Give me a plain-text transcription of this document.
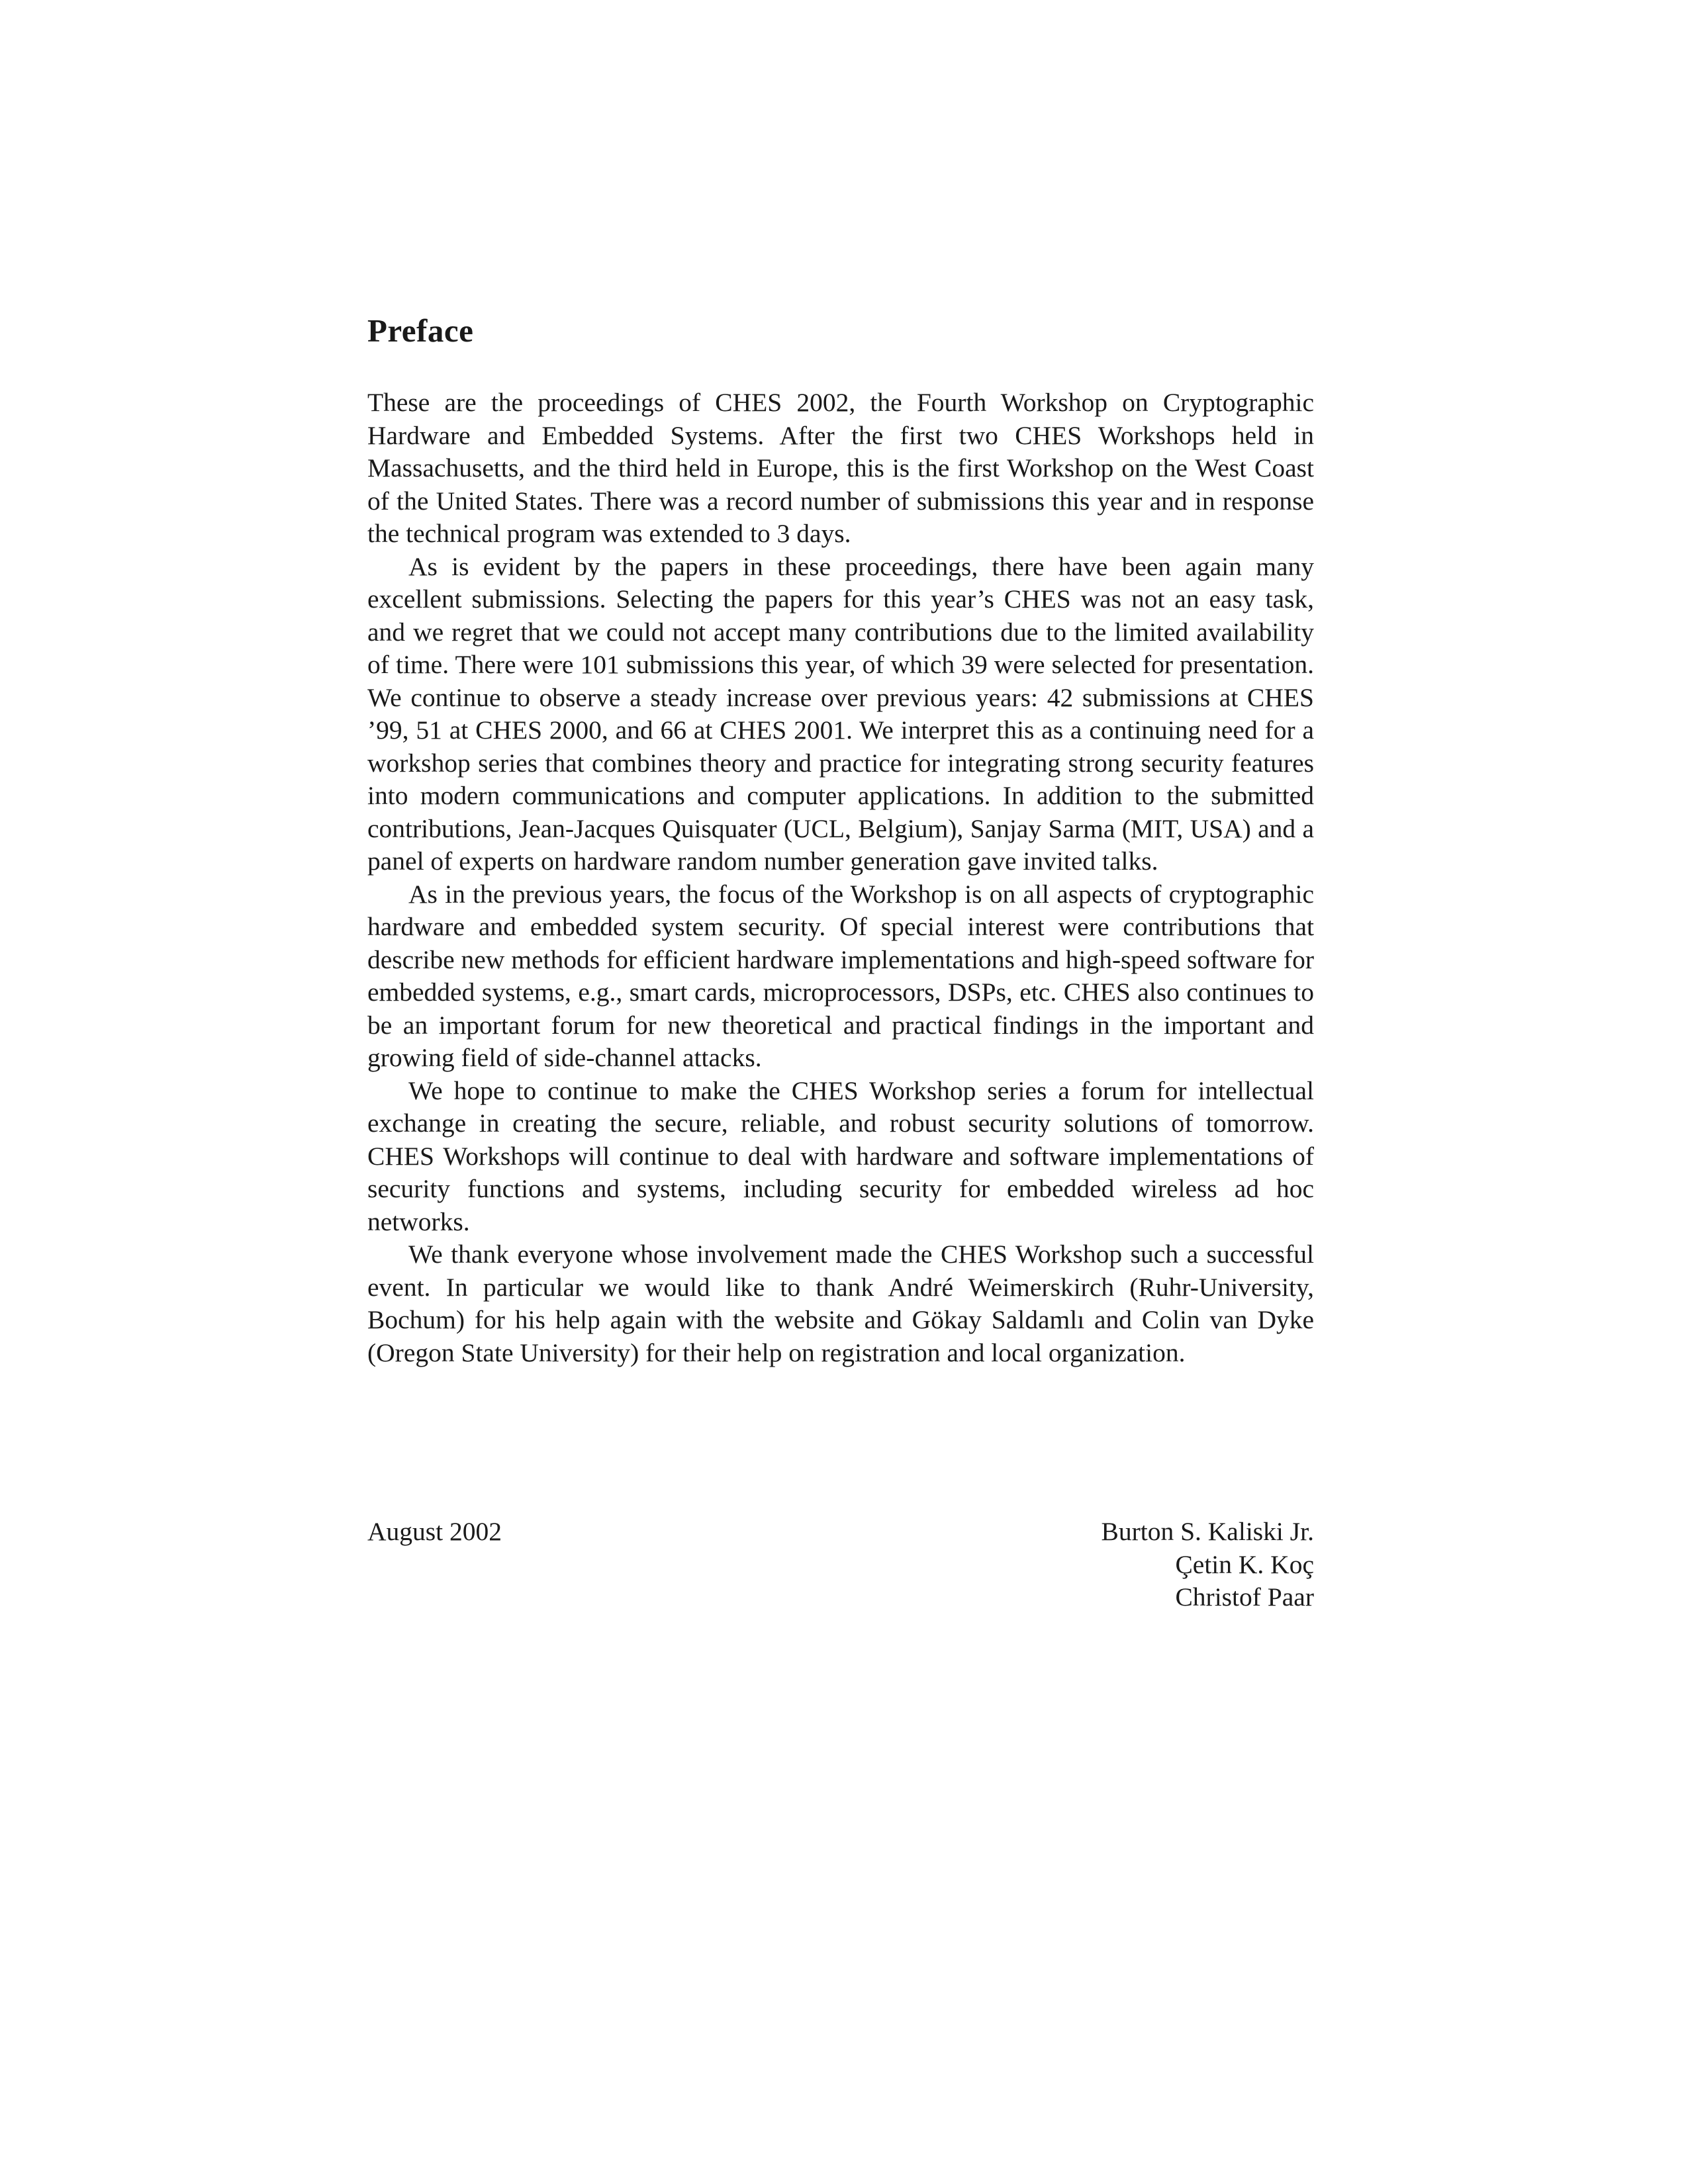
Preface

These are the proceedings of CHES 2002, the Fourth Workshop on Cryptographic Hardware and Embedded Systems. After the first two CHES Workshops held in Massachusetts, and the third held in Europe, this is the first Workshop on the West Coast of the United States. There was a record number of submissions this year and in response the technical program was extended to 3 days.

As is evident by the papers in these proceedings, there have been again many excellent submissions. Selecting the papers for this year’s CHES was not an easy task, and we regret that we could not accept many contributions due to the limited availability of time. There were 101 submissions this year, of which 39 were selected for presentation. We continue to observe a steady increase over previous years: 42 submissions at CHES ’99, 51 at CHES 2000, and 66 at CHES 2001. We interpret this as a continuing need for a workshop series that combines theory and practice for integrating strong security features into modern communications and computer applications. In addition to the submitted contributions, Jean-Jacques Quisquater (UCL, Belgium), Sanjay Sarma (MIT, USA) and a panel of experts on hardware random number generation gave invited talks.

As in the previous years, the focus of the Workshop is on all aspects of cryptographic hardware and embedded system security. Of special interest were contributions that describe new methods for efficient hardware implementations and high-speed software for embedded systems, e.g., smart cards, microprocessors, DSPs, etc. CHES also continues to be an important forum for new theoretical and practical findings in the important and growing field of side-channel attacks.

We hope to continue to make the CHES Workshop series a forum for intellectual exchange in creating the secure, reliable, and robust security solutions of tomorrow. CHES Workshops will continue to deal with hardware and software implementations of security functions and systems, including security for embedded wireless ad hoc networks.

We thank everyone whose involvement made the CHES Workshop such a successful event. In particular we would like to thank André Weimerskirch (Ruhr-University, Bochum) for his help again with the website and Gökay Saldamlı and Colin van Dyke (Oregon State University) for their help on registration and local organization.

August 2002	Burton S. Kaliski Jr.
Çetin K. Koç
Christof Paar
